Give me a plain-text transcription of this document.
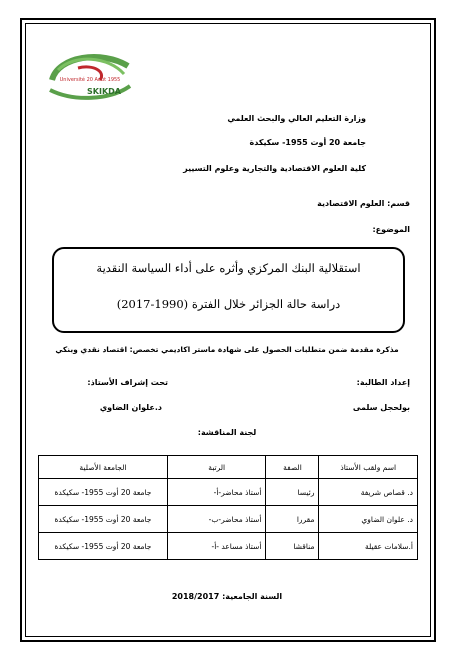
Université 20 Août 1955
SKIKDA
وزارة التعليم العالي والبحث العلمي
جامعة 20 أوت 1955- سكيكدة
كلية العلوم الاقتصادية والتجارية وعلوم التسيير
قسم: العلوم الاقتصادية
الموضوع:
استقلالية البنك المركزي وأثره على أداء السياسة النقدية
دراسة حالة الجزائر خلال الفترة (1990-2017)
مذكرة مقدمة ضمن متطلبات الحصول على شهادة ماستر اكاديمي تخصص: اقتصاد نقدي وبنكي
إعداد الطالبة:
تحت إشراف الأستاذ:
بولحجل سلمى
د.علوان الضاوي
لجنة المناقشة:
اسم ولقب الأستاذ	الصفة	الرتبة	الجامعة الأصلية
د. قصاص شريفة	رئيسا	أستاذ محاضر-أ-	جامعة 20 أوت 1955- سكيكدة
د. علوان الضاوي	مقررا	أستاذ محاضر-ب-	جامعة 20 أوت 1955- سكيكدة
أ.سلامات عقيلة	مناقشا	أستاذ مساعد -أ-	جامعة 20 أوت 1955- سكيكدة
السنة الجامعية: 2018/2017
